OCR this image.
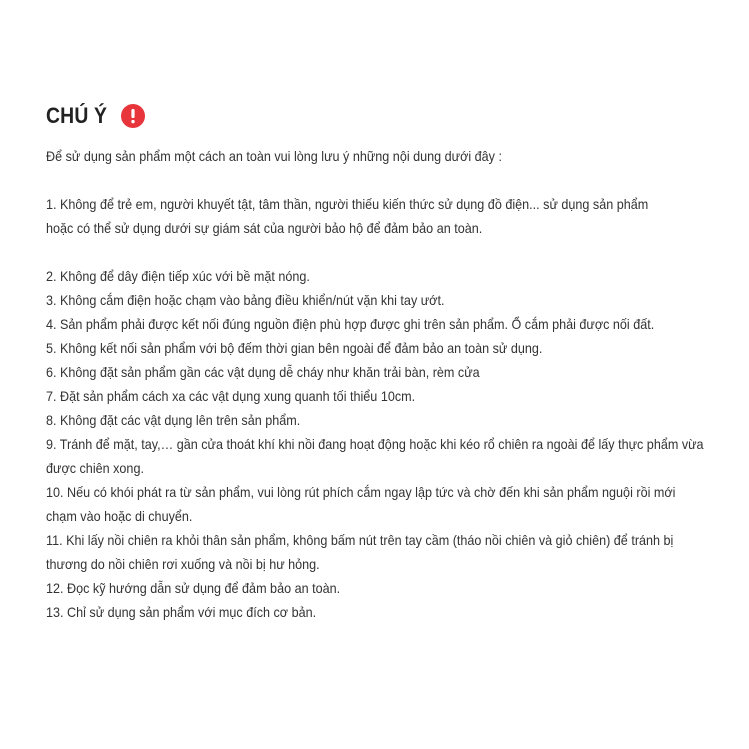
CHÚ Ý
Để sử dụng sản phẩm một cách an toàn vui lòng lưu ý những nội dung dưới đây :
1. Không để trẻ em, người khuyết tật, tâm thần, người thiếu kiến thức sử dụng đồ điện... sử dụng sản phẩm hoặc có thể sử dụng dưới sự giám sát của người bảo hộ để đảm bảo an toàn.
2. Không để dây điện tiếp xúc với bề mặt nóng.
3. Không cắm điện hoặc chạm vào bảng điều khiển/nút vặn khi tay ướt.
4. Sản phẩm phải được kết nối đúng nguồn điện phù hợp được ghi trên sản phẩm. Ổ cắm phải được nối đất.
5. Không kết nối sản phẩm với bộ đếm thời gian bên ngoài để đảm bảo an toàn sử dụng.
6. Không đặt sản phẩm gần các vật dụng dễ cháy như khăn trải bàn, rèm cửa
7. Đặt sản phẩm cách xa các vật dụng xung quanh tối thiểu 10cm.
8. Không đặt các vật dụng lên trên sản phẩm.
9. Tránh để mặt, tay,… gần cửa thoát khí khi nồi đang hoạt động hoặc khi kéo rổ chiên ra ngoài để lấy thực phẩm vừa được chiên xong.
10. Nếu có khói phát ra từ sản phẩm, vui lòng rút phích cắm ngay lập tức và chờ đến khi sản phẩm nguội rồi mới chạm vào hoặc di chuyển.
11. Khi lấy nồi chiên ra khỏi thân sản phẩm, không bấm nút trên tay cầm (tháo nồi chiên và giỏ chiên) để tránh bị thương do nồi chiên rơi xuống và nồi bị hư hỏng.
12. Đọc kỹ hướng dẫn sử dụng để đảm bảo an toàn.
13. Chỉ sử dụng sản phẩm với mục đích cơ bản.
